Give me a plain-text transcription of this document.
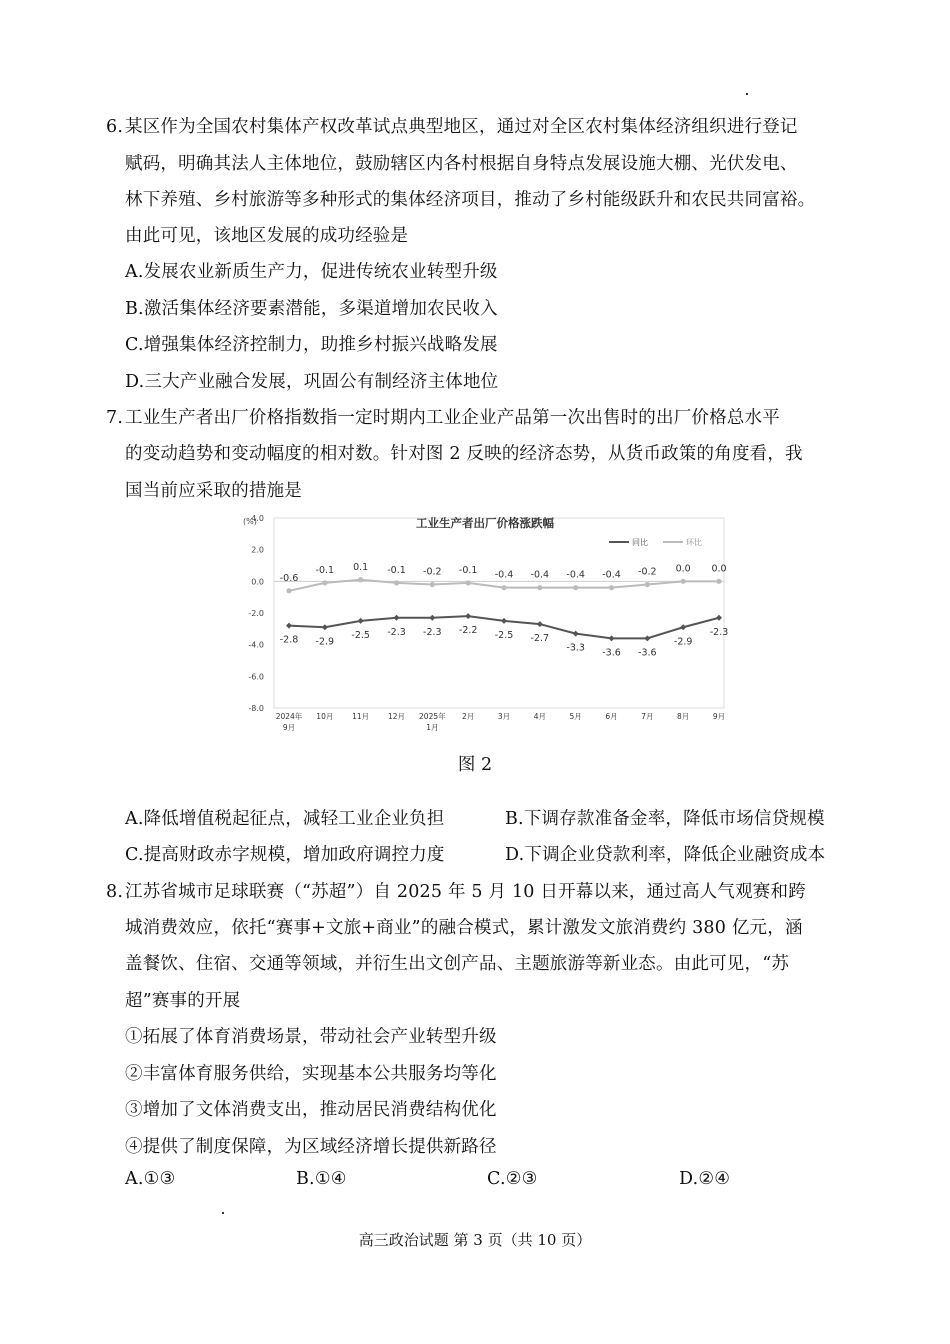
6. 某区作为全国农村集体产权改革试点典型地区，通过对全区农村集体经济组织进行登记
赋码，明确其法人主体地位，鼓励辖区内各村根据自身特点发展设施大棚、光伏发电、
林下养殖、乡村旅游等多种形式的集体经济项目，推动了乡村能级跃升和农民共同富裕。
由此可见，该地区发展的成功经验是
A.发展农业新质生产力，促进传统农业转型升级
B.激活集体经济要素潜能，多渠道增加农民收入
C.增强集体经济控制力，助推乡村振兴战略发展
D.三大产业融合发展，巩固公有制经济主体地位
7. 工业生产者出厂价格指数指一定时期内工业企业产品第一次出售时的出厂价格总水平
的变动趋势和变动幅度的相对数。针对图 2 反映的经济态势，从货币政策的角度看，我
国当前应采取的措施是
(%)	工业生产者出厂价格涨跌幅
同比	环比
4.0
2.0
0.0
-2.0
-4.0
-6.0
-8.0
2024年
9月
10月	11月	12月 2025年
1月
2月	3月	4月	5月	6月	7月	8月	9月
-2.8 -2.9
-2.5 -2.3 -2.3 -2.2 -2.5 -2.7
-3.3 -3.6 -3.6
-2.9
-2.3
-0.6
-0.1 0.1 -0.1 -0.2 -0.1 -0.4 -0.4 -0.4 -0.4 -0.2 0.0 0.0
图 2
A.降低增值税起征点，减轻工业企业负担	B.下调存款准备金率，降低市场信贷规模
C.提高财政赤字规模，增加政府调控力度	D.下调企业贷款利率，降低企业融资成本
8. 江苏省城市足球联赛（“苏超”）自 2025 年 5 月 10 日开幕以来，通过高人气观赛和跨
城消费效应，依托“赛事+文旅+商业”的融合模式，累计激发文旅消费约 380 亿元，涵
盖餐饮、住宿、交通等领域，并衍生出文创产品、主题旅游等新业态。由此可见，“苏
超”赛事的开展
①拓展了体育消费场景，带动社会产业转型升级
②丰富体育服务供给，实现基本公共服务均等化
③增加了文体消费支出，推动居民消费结构优化
④提供了制度保障，为区域经济增长提供新路径
A.①③	B.①④	C.②③	D.②④
高三政治试题 第 3 页（共 10 页）
